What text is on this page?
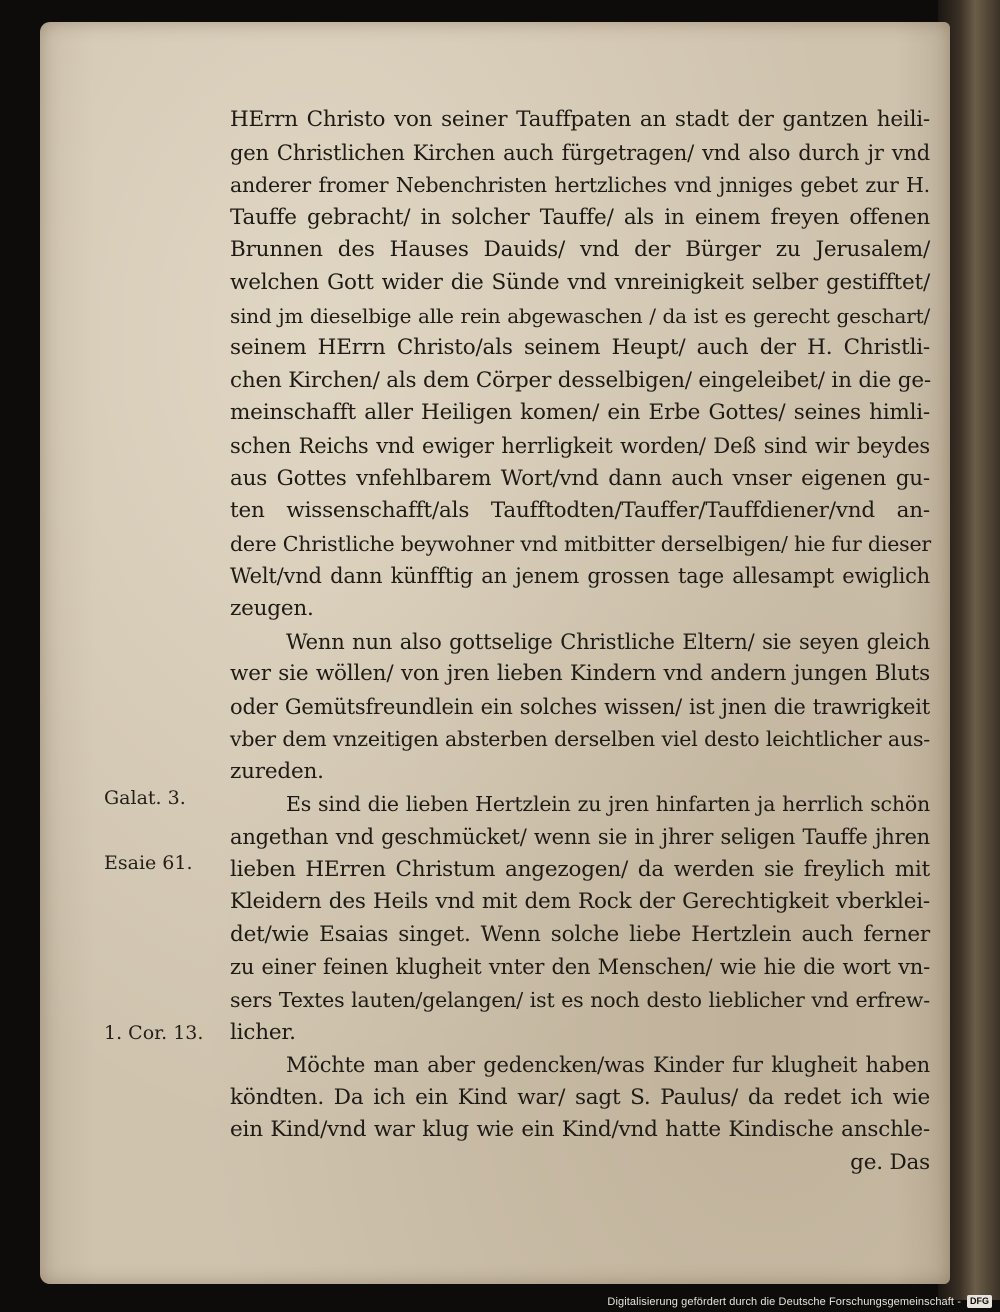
HErrn Christo von seiner Tauffpaten an stadt der gantzen heili-
gen Christlichen Kirchen auch fürgetragen/ vnd also durch jr vnd
anderer fromer Nebenchristen hertzliches vnd jnniges gebet zur H.
Tauffe gebracht/ in solcher Tauffe/ als in einem freyen offenen
Brunnen des Hauses Dauids/ vnd der Bürger zu Jerusalem/
welchen Gott wider die Sünde vnd vnreinigkeit selber gestifftet/
sind jm dieselbige alle rein abgewaschen / da ist es gerecht geschart/
seinem HErrn Christo/als seinem Heupt/ auch der H. Christli-
chen Kirchen/ als dem Cörper desselbigen/ eingeleibet/ in die ge-
meinschafft aller Heiligen komen/ ein Erbe Gottes/ seines himli-
schen Reichs vnd ewiger herrligkeit worden/ Deß sind wir beydes
aus Gottes vnfehlbarem Wort/vnd dann auch vnser eigenen gu-
ten wissenschafft/als Taufftodten/Tauffer/Tauffdiener/vnd an-
dere Christliche beywohner vnd mitbitter derselbigen/ hie fur dieser
Welt/vnd dann künfftig an jenem grossen tage allesampt ewiglich
zeugen.
Wenn nun also gottselige Christliche Eltern/ sie seyen gleich
wer sie wöllen/ von jren lieben Kindern vnd andern jungen Bluts
oder Gemütsfreundlein ein solches wissen/ ist jnen die trawrigkeit
vber dem vnzeitigen absterben derselben viel desto leichtlicher aus-
zureden.
Es sind die lieben Hertzlein zu jren hinfarten ja herrlich schön
angethan vnd geschmücket/ wenn sie in jhrer seligen Tauffe jhren
lieben HErren Christum angezogen/ da werden sie freylich mit
Kleidern des Heils vnd mit dem Rock der Gerechtigkeit vberklei-
det/wie Esaias singet. Wenn solche liebe Hertzlein auch ferner
zu einer feinen klugheit vnter den Menschen/ wie hie die wort vn-
sers Textes lauten/gelangen/ ist es noch desto lieblicher vnd erfrew-
licher.
Möchte man aber gedencken/was Kinder fur klugheit haben
köndten. Da ich ein Kind war/ sagt S. Paulus/ da redet ich wie
ein Kind/vnd war klug wie ein Kind/vnd hatte Kindische anschle-
ge. Das
Galat. 3.
Esaie 61.
1. Cor. 13.
Digitalisierung gefördert durch die Deutsche Forschungsgemeinschaft -	DFG
